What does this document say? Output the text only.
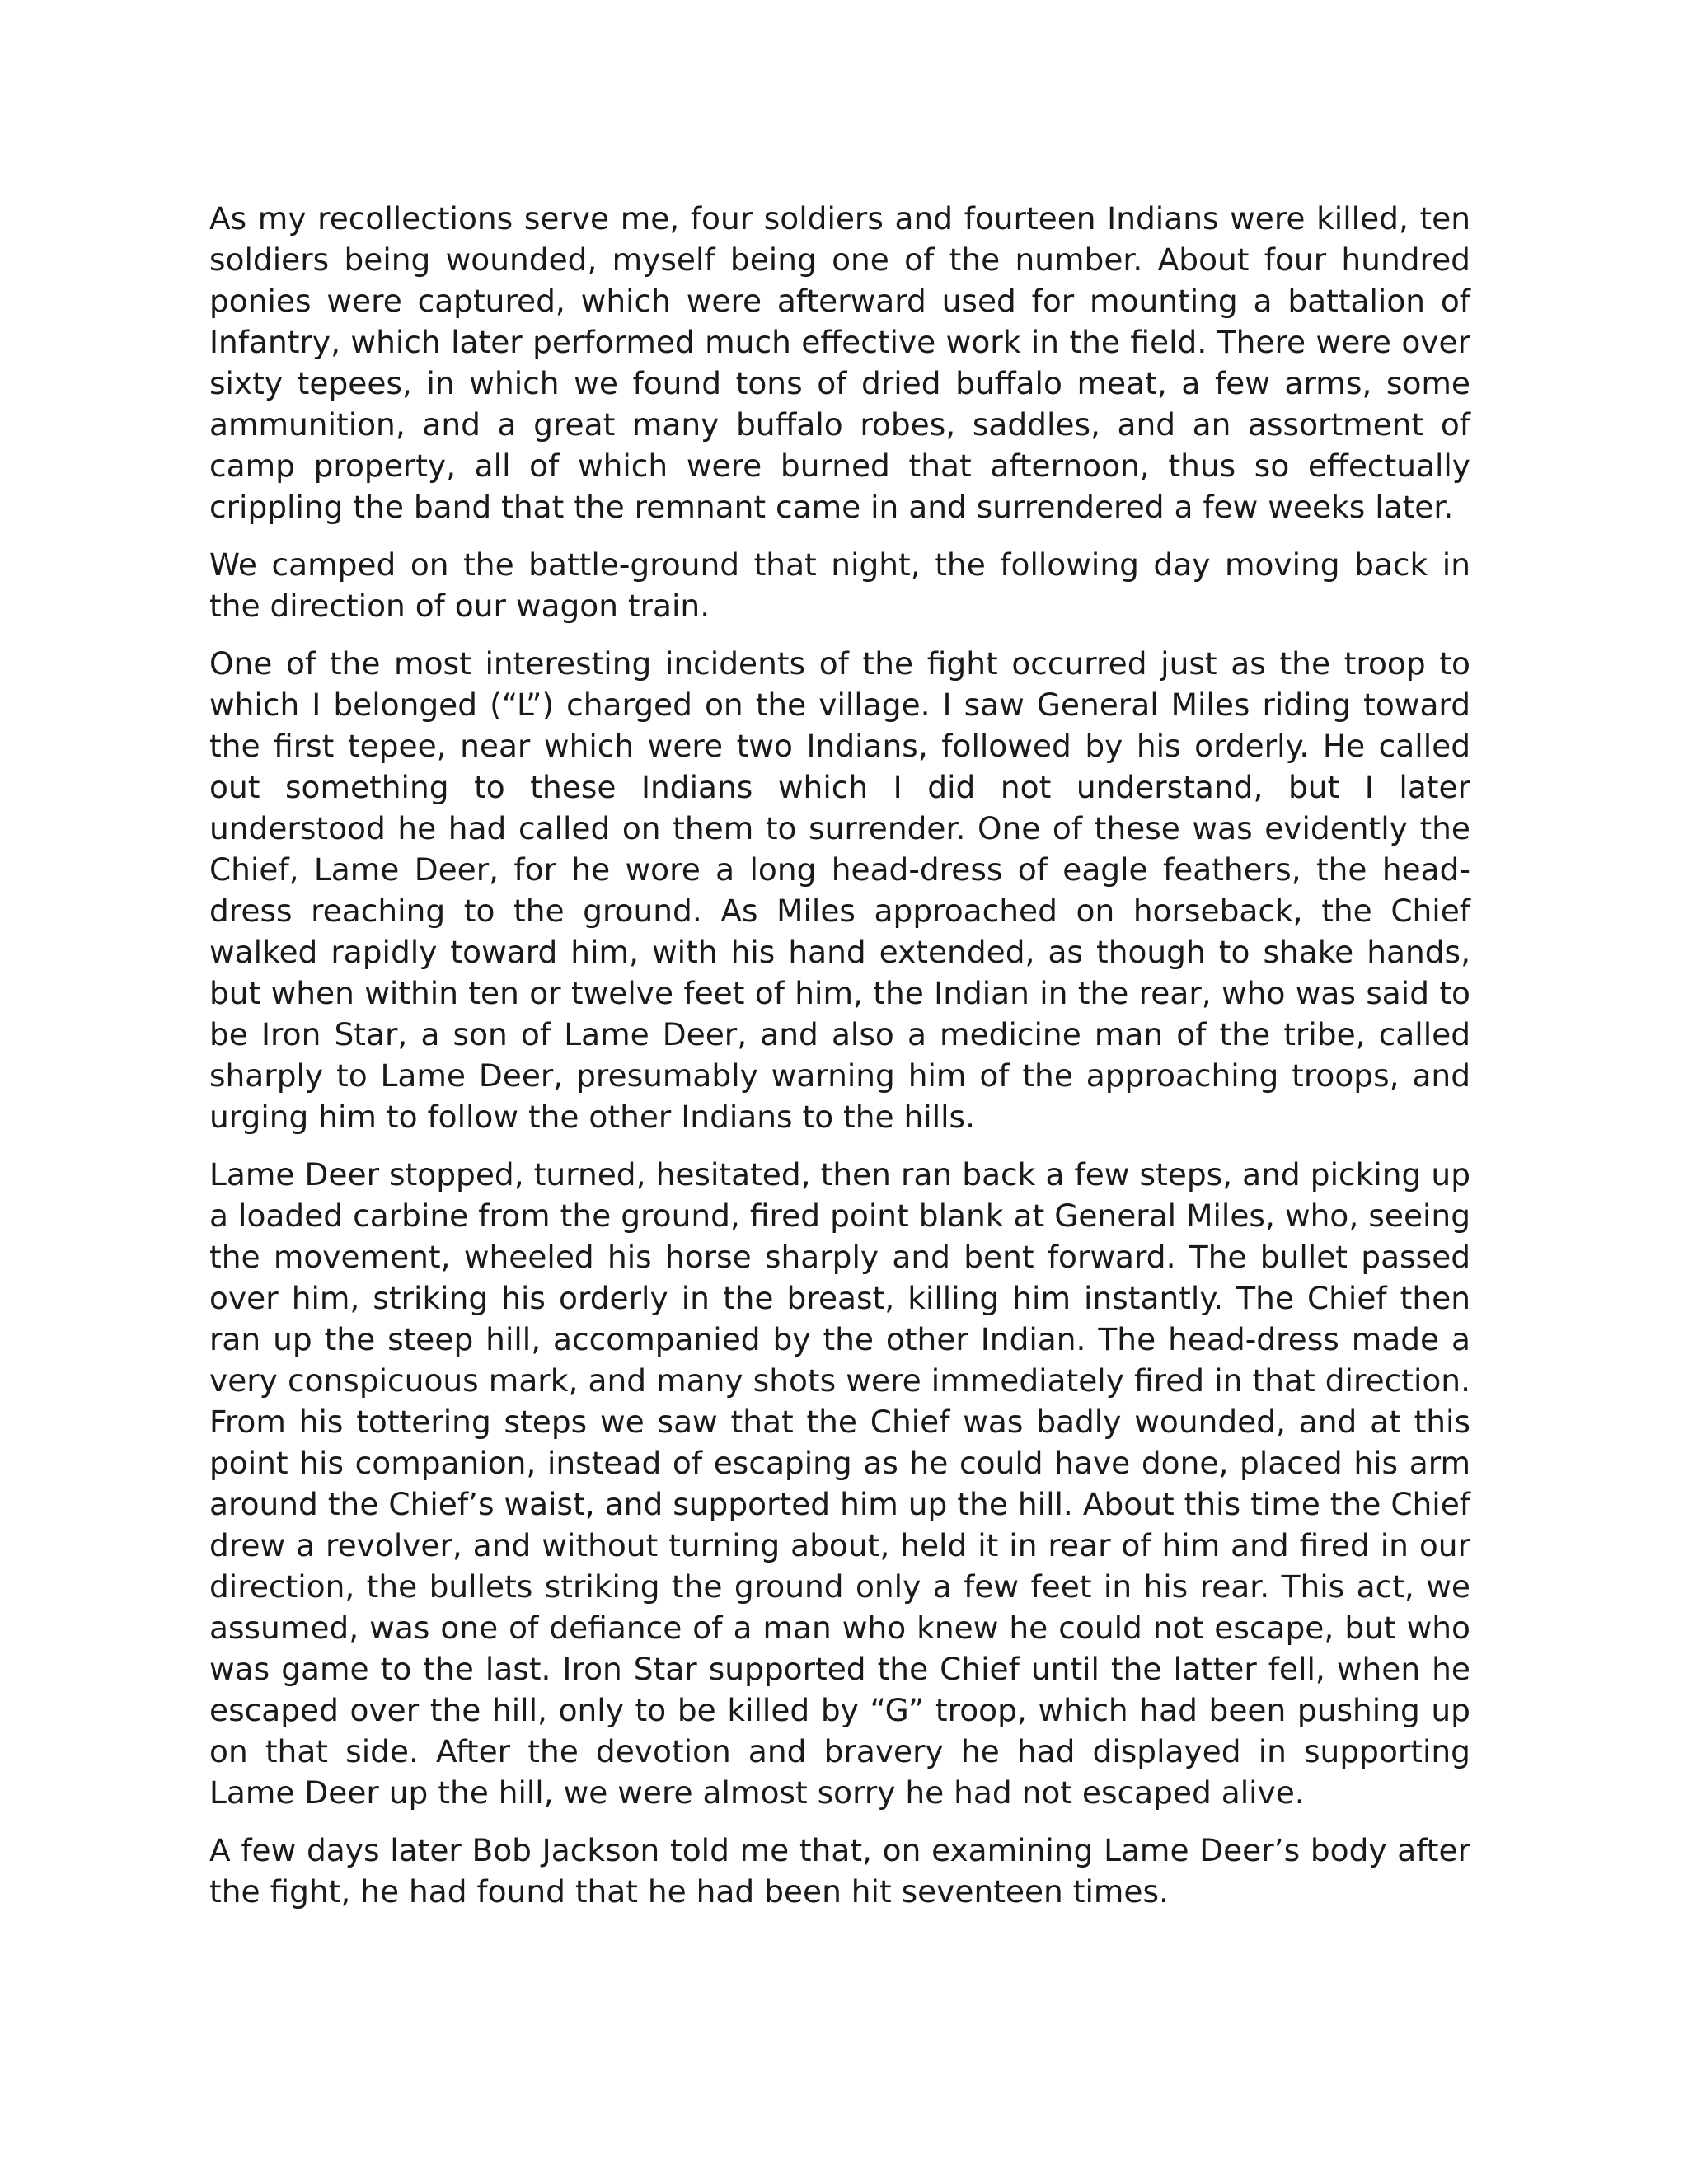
As my recollections serve me, four soldiers and fourteen Indians were killed, ten soldiers being wounded, myself being one of the number. About four hundred ponies were captured, which were afterward used for mounting a battalion of Infantry, which later performed much effective work in the field. There were over sixty tepees, in which we found tons of dried buffalo meat, a few arms, some ammunition, and a great many buffalo robes, saddles, and an assortment of camp property, all of which were burned that afternoon, thus so effectually crippling the band that the remnant came in and surrendered a few weeks later.

We camped on the battle-ground that night, the following day moving back in the direction of our wagon train.

One of the most interesting incidents of the fight occurred just as the troop to which I belonged (“L”) charged on the village. I saw General Miles riding toward the first tepee, near which were two Indians, followed by his orderly. He called out something to these Indians which I did not understand, but I later understood he had called on them to surrender. One of these was evidently the Chief, Lame Deer, for he wore a long head-dress of eagle feathers, the head-dress reaching to the ground. As Miles approached on horseback, the Chief walked rapidly toward him, with his hand extended, as though to shake hands, but when within ten or twelve feet of him, the Indian in the rear, who was said to be Iron Star, a son of Lame Deer, and also a medicine man of the tribe, called sharply to Lame Deer, presumably warning him of the approaching troops, and urging him to follow the other Indians to the hills.

Lame Deer stopped, turned, hesitated, then ran back a few steps, and picking up a loaded carbine from the ground, fired point blank at General Miles, who, seeing the movement, wheeled his horse sharply and bent forward. The bullet passed over him, striking his orderly in the breast, killing him instantly. The Chief then ran up the steep hill, accompanied by the other Indian. The head-dress made a very conspicuous mark, and many shots were immediately fired in that direction. From his tottering steps we saw that the Chief was badly wounded, and at this point his companion, instead of escaping as he could have done, placed his arm around the Chief’s waist, and supported him up the hill. About this time the Chief drew a revolver, and without turning about, held it in rear of him and fired in our direction, the bullets striking the ground only a few feet in his rear. This act, we assumed, was one of defiance of a man who knew he could not escape, but who was game to the last. Iron Star supported the Chief until the latter fell, when he escaped over the hill, only to be killed by “G” troop, which had been pushing up on that side. After the devotion and bravery he had displayed in supporting Lame Deer up the hill, we were almost sorry he had not escaped alive.

A few days later Bob Jackson told me that, on examining Lame Deer’s body after the fight, he had found that he had been hit seventeen times.
